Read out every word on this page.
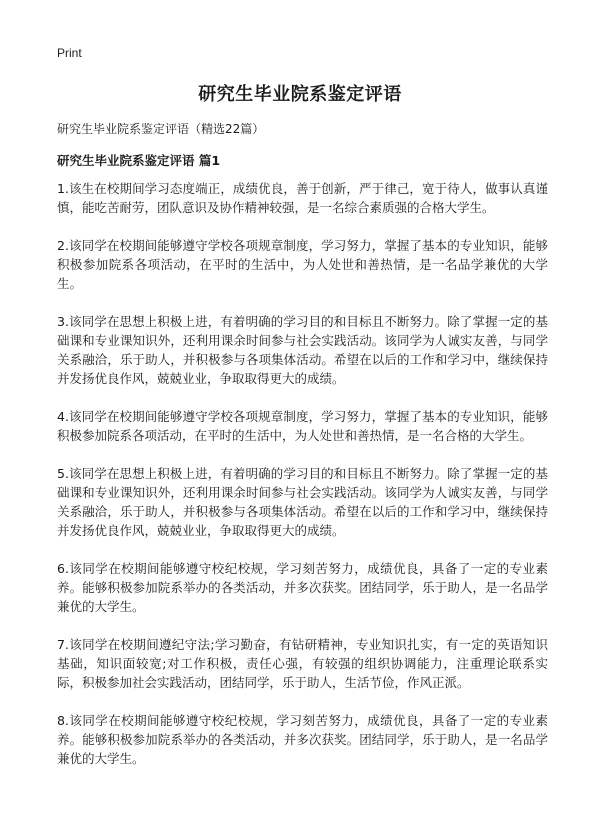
Print
研究生毕业院系鉴定评语

研究生毕业院系鉴定评语（精选22篇）

研究生毕业院系鉴定评语 篇1
1.该生在校期间学习态度端正，成绩优良，善于创新，严于律己，宽于待人，做事认真谨慎，能吃苦耐劳，团队意识及协作精神较强，是一名综合素质强的合格大学生。
2.该同学在校期间能够遵守学校各项规章制度，学习努力，掌握了基本的专业知识，能够积极参加院系各项活动，在平时的生活中，为人处世和善热情，是一名品学兼优的大学生。
3.该同学在思想上积极上进，有着明确的学习目的和目标且不断努力。除了掌握一定的基础课和专业课知识外，还利用课余时间参与社会实践活动。该同学为人诚实友善，与同学关系融洽，乐于助人，并积极参与各项集体活动。希望在以后的工作和学习中，继续保持并发扬优良作风，兢兢业业，争取取得更大的成绩。
4.该同学在校期间能够遵守学校各项规章制度，学习努力，掌握了基本的专业知识，能够积极参加院系各项活动，在平时的生活中，为人处世和善热情，是一名合格的大学生。
5.该同学在思想上积极上进，有着明确的学习目的和目标且不断努力。除了掌握一定的基础课和专业课知识外，还利用课余时间参与社会实践活动。该同学为人诚实友善，与同学关系融洽，乐于助人，并积极参与各项集体活动。希望在以后的工作和学习中，继续保持并发扬优良作风，兢兢业业，争取取得更大的成绩。
6.该同学在校期间能够遵守校纪校规，学习刻苦努力，成绩优良，具备了一定的专业素养。能够积极参加院系举办的各类活动，并多次获奖。团结同学，乐于助人，是一名品学兼优的大学生。
7.该同学在校期间遵纪守法;学习勤奋，有钻研精神，专业知识扎实，有一定的英语知识基础，知识面较宽;对工作积极，责任心强，有较强的组织协调能力，注重理论联系实际，积极参加社会实践活动，团结同学，乐于助人，生活节俭，作风正派。
8.该同学在校期间能够遵守校纪校规，学习刻苦努力，成绩优良，具备了一定的专业素养。能够积极参加院系举办的各类活动，并多次获奖。团结同学，乐于助人，是一名品学兼优的大学生。
